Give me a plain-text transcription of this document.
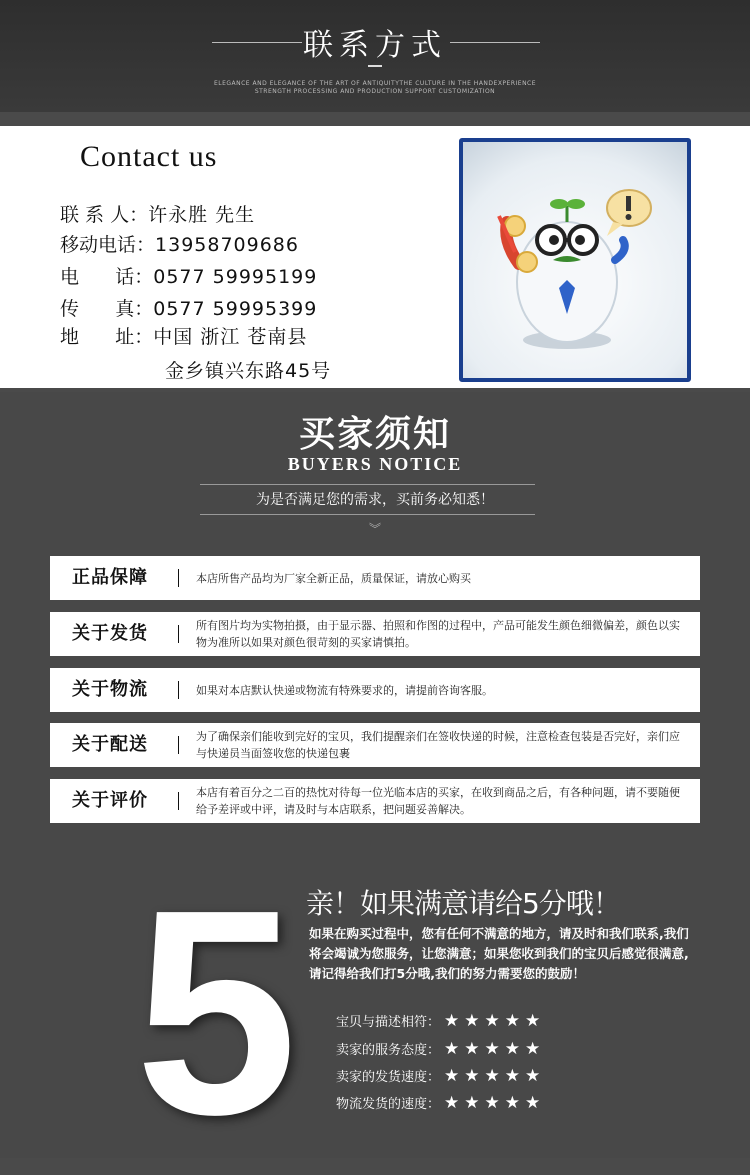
联系方式
ELEGANCE AND ELEGANCE OF THE ART OF ANTIQUITYTHE CULTURE IN THE HANDEXPERIENCE
STRENGTH PROCESSING AND PRODUCTION SUPPORT CUSTOMIZATION
Contact us
联 系 人：许永胜 先生
移动电话：13958709686
电      话：0577 59995199
传      真：0577 59995399
地      址：中国 浙江 苍南县
金乡镇兴东路45号
买家须知
BUYERS NOTICE
为是否满足您的需求，买前务必知悉！
︾
正品保障	本店所售产品均为厂家全新正品，质量保证，请放心购买
关于发货	所有图片均为实物拍摄，由于显示器、拍照和作图的过程中，产品可能发生颜色细微偏差，颜色以实物为准所以如果对颜色很苛刻的买家请慎拍。
关于物流	如果对本店默认快递或物流有特殊要求的，请提前咨询客服。
关于配送	为了确保亲们能收到完好的宝贝，我们提醒亲们在签收快递的时候，注意检查包装是否完好，亲们应与快递员当面签收您的快递包裹
关于评价	本店有着百分之二百的热忱对待每一位光临本店的买家，在收到商品之后，有各种问题，请不要随便给予差评或中评，请及时与本店联系，把问题妥善解决。
5 亲！如果满意请给5分哦！
如果在购买过程中，您有任何不满意的地方，请及时和我们联系,我们将会竭诚为您服务，让您满意；如果您收到我们的宝贝后感觉很满意,请记得给我们打5分哦,我们的努力需要您的鼓励！
宝贝与描述相符： ★★★★★
卖家的服务态度： ★★★★★
卖家的发货速度： ★★★★★
物流发货的速度： ★★★★★
